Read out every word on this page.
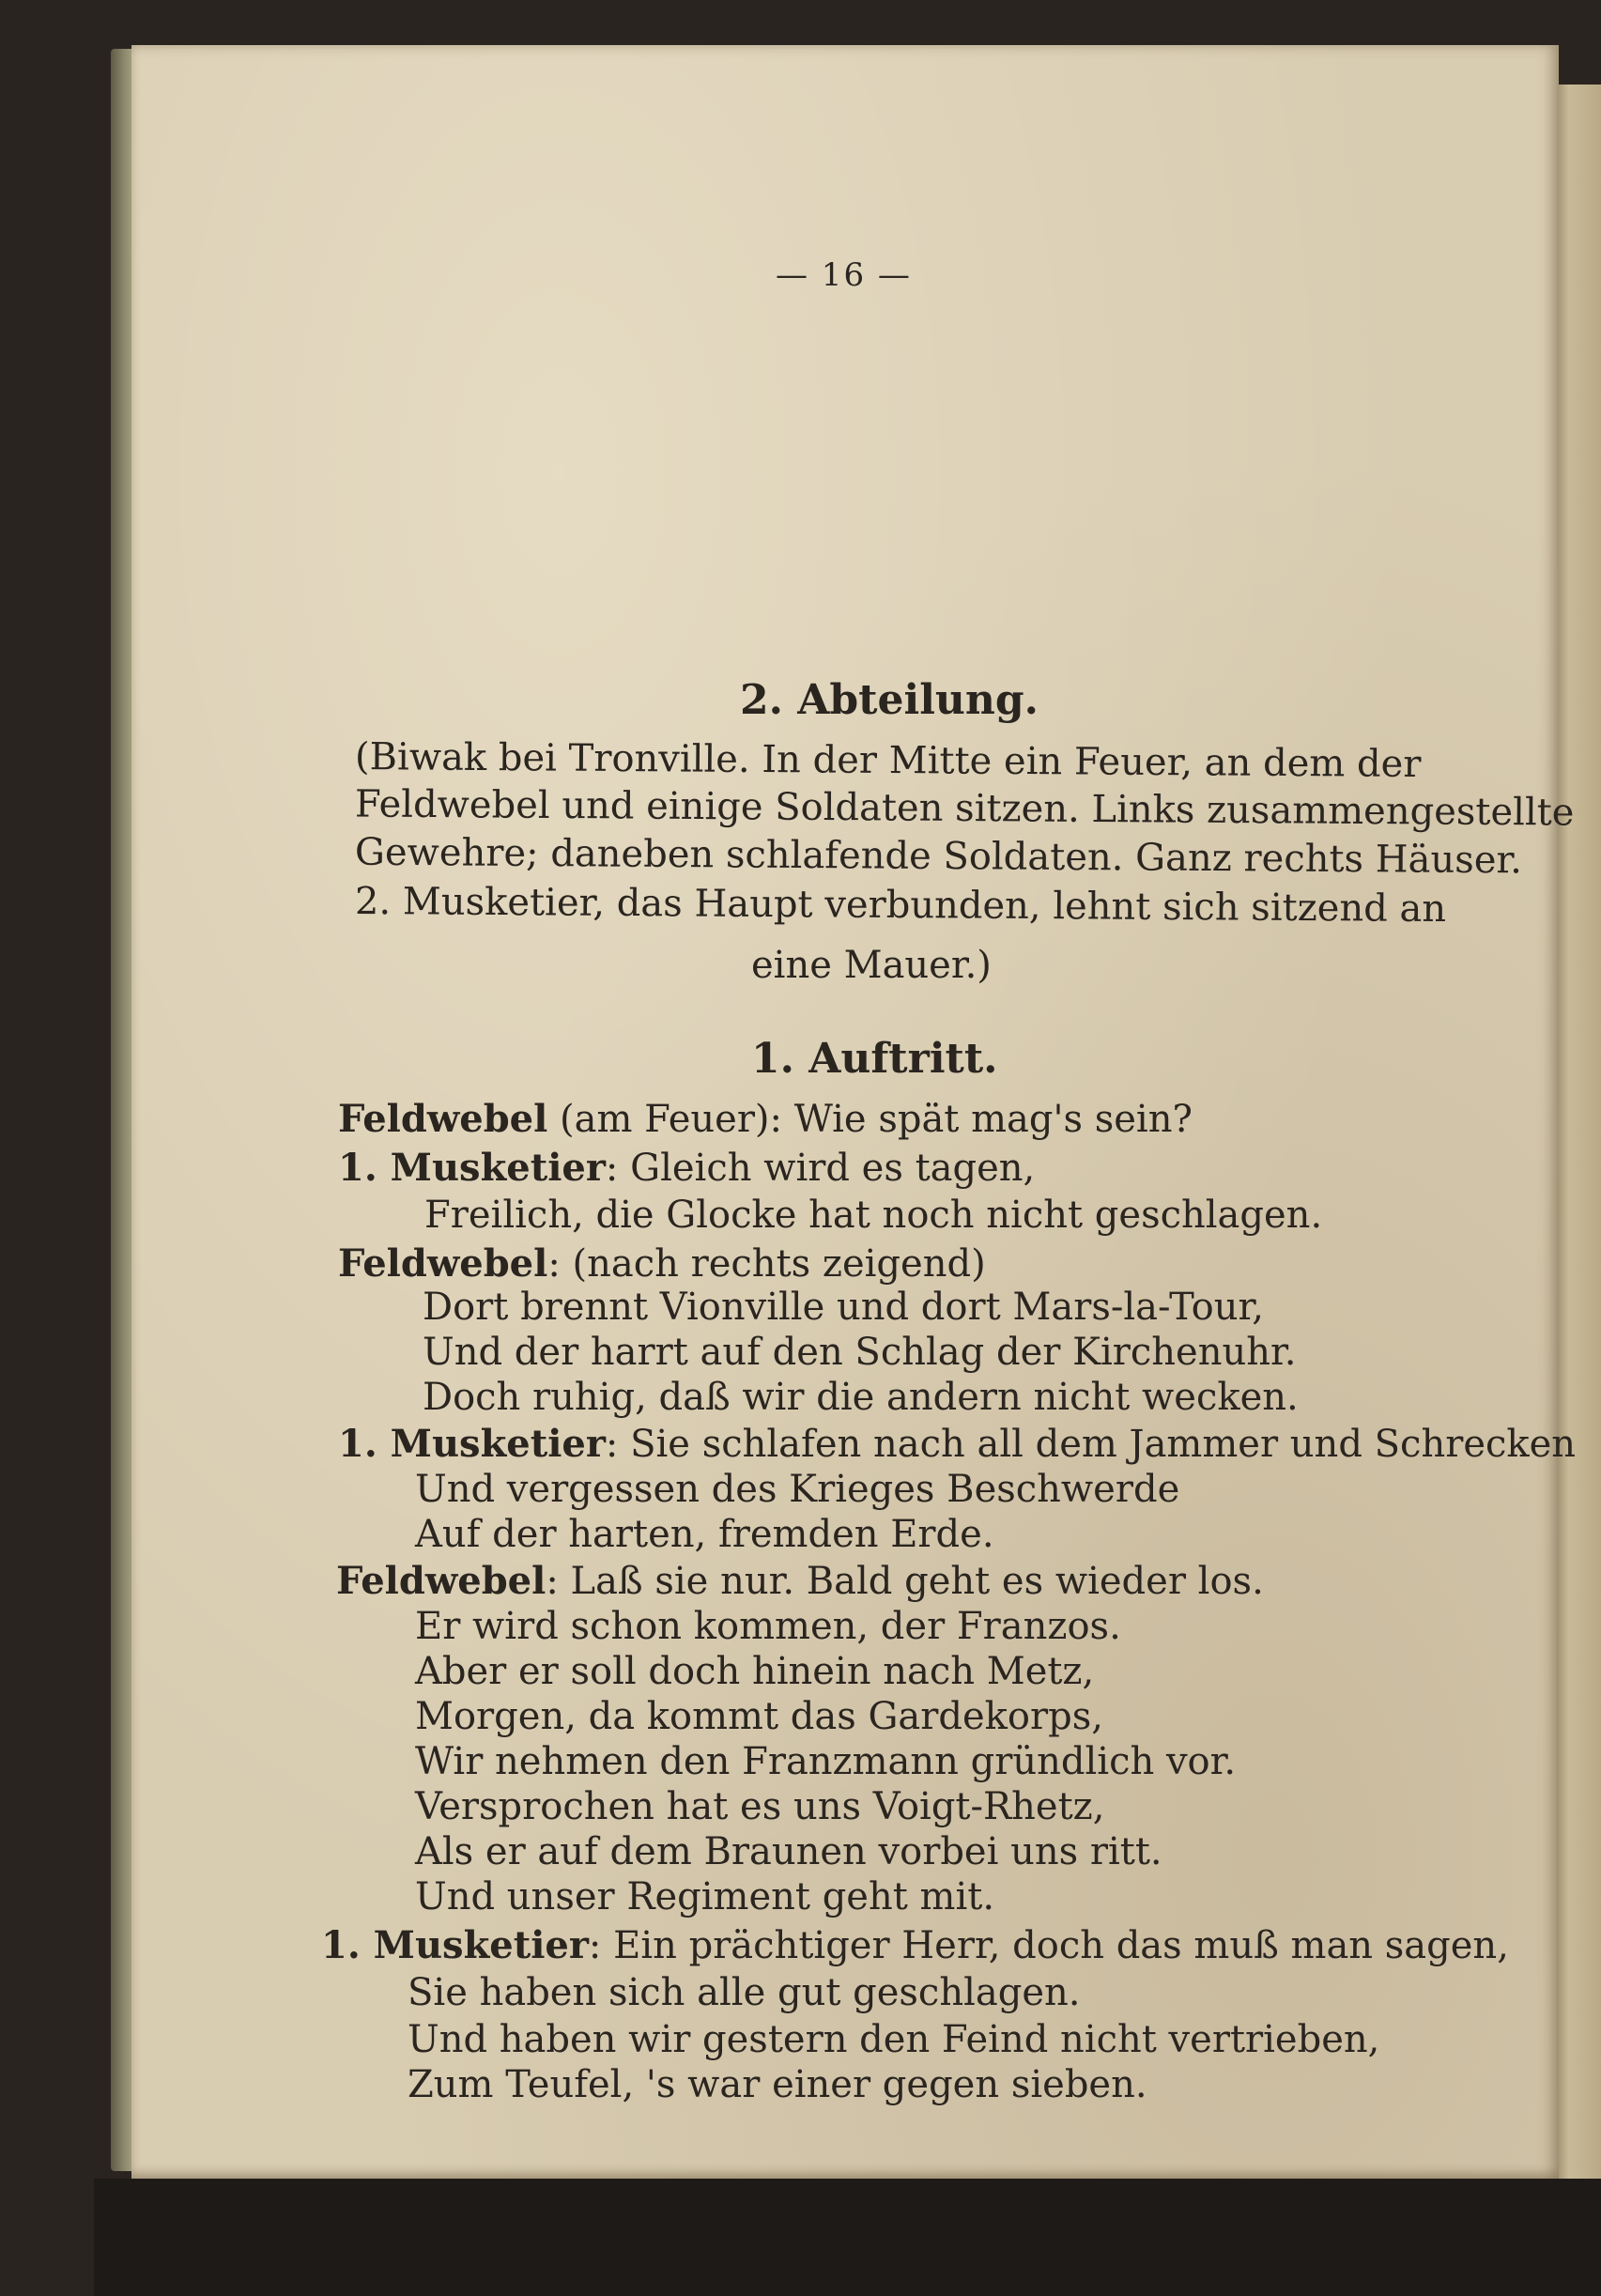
— 16 —
2. Abteilung.
(Biwak bei Tronville. In der Mitte ein Feuer, an dem der
Feldwebel und einige Soldaten sitzen. Links zusammengestellte
Gewehre; daneben schlafende Soldaten. Ganz rechts Häuser.
2. Musketier, das Haupt verbunden, lehnt sich sitzend an
eine Mauer.)
1. Auftritt.
Feldwebel (am Feuer): Wie spät mag's sein?
1. Musketier: Gleich wird es tagen,
Freilich, die Glocke hat noch nicht geschlagen.
Feldwebel: (nach rechts zeigend)
Dort brennt Vionville und dort Mars-la-Tour,
Und der harrt auf den Schlag der Kirchenuhr.
Doch ruhig, daß wir die andern nicht wecken.
1. Musketier: Sie schlafen nach all dem Jammer und Schrecken
Und vergessen des Krieges Beschwerde
Auf der harten, fremden Erde.
Feldwebel: Laß sie nur. Bald geht es wieder los.
Er wird schon kommen, der Franzos.
Aber er soll doch hinein nach Metz,
Morgen, da kommt das Gardekorps,
Wir nehmen den Franzmann gründlich vor.
Versprochen hat es uns Voigt-Rhetz,
Als er auf dem Braunen vorbei uns ritt.
Und unser Regiment geht mit.
1. Musketier: Ein prächtiger Herr, doch das muß man sagen,
Sie haben sich alle gut geschlagen.
Und haben wir gestern den Feind nicht vertrieben,
Zum Teufel, 's war einer gegen sieben.
